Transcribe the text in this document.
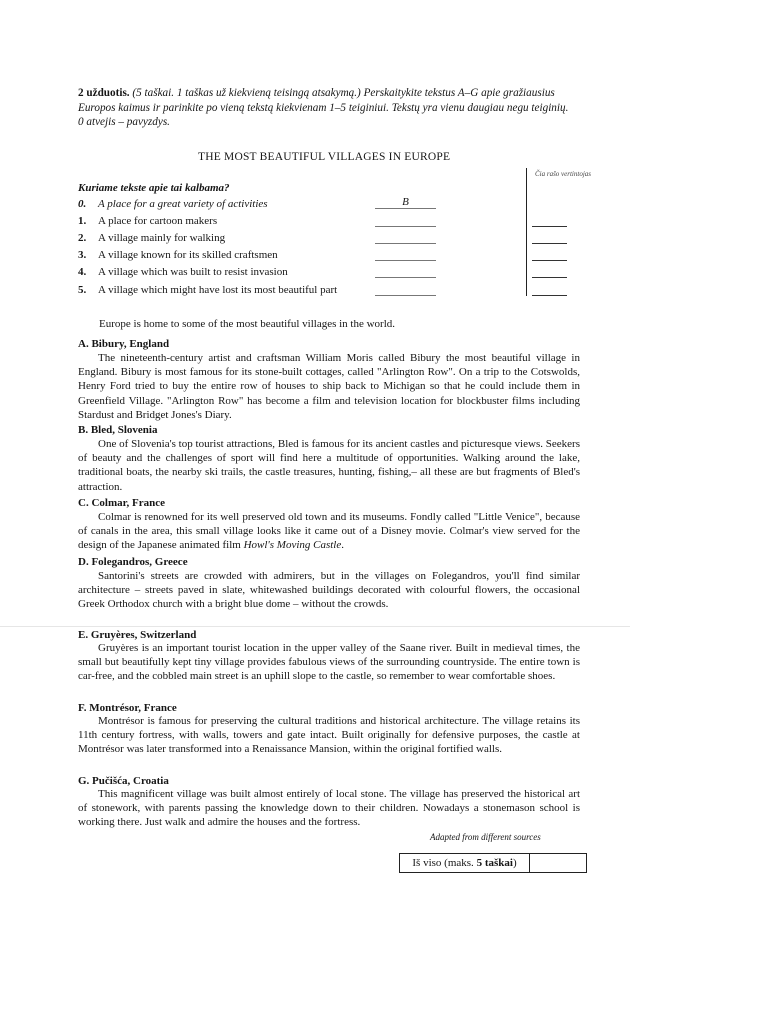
2 užduotis. (5 taškai. 1 taškas už kiekvieną teisingą atsakymą.) Perskaitykite tekstus A–G apie gražiausius Europos kaimus ir parinkite po vieną tekstą kiekvienam 1–5 teiginiui. Tekstų yra vienu daugiau negu teiginių.
0 atvejis – pavyzdys.
THE MOST BEAUTIFUL VILLAGES IN EUROPE
Čia rašo vertintojas
Kuriame tekste apie tai kalbama?
0. A place for a great variety of activities	B
1. A place for cartoon makers
2. A village mainly for walking
3. A village known for its skilled craftsmen
4. A village which was built to resist invasion
5. A village which might have lost its most beautiful part
Europe is home to some of the most beautiful villages in the world.
A. Bibury, England
The nineteenth-century artist and craftsman William Moris called Bibury the most beautiful village in England. Bibury is most famous for its stone-built cottages, called "Arlington Row". On a trip to the Cotswolds, Henry Ford tried to buy the entire row of houses to ship back to Michigan so that he could include them in Greenfield Village. "Arlington Row" has become a film and television location for blockbuster films including Stardust and Bridget Jones's Diary.
B. Bled, Slovenia
One of Slovenia's top tourist attractions, Bled is famous for its ancient castles and picturesque views. Seekers of beauty and the challenges of sport will find here a multitude of opportunities. Walking around the lake, traditional boats, the nearby ski trails, the castle treasures, hunting, fishing,– all these are but fragments of Bled's attraction.
C. Colmar, France
Colmar is renowned for its well preserved old town and its museums. Fondly called "Little Venice", because of canals in the area, this small village looks like it came out of a Disney movie. Colmar's view served for the design of the Japanese animated film Howl's Moving Castle.
D. Folegandros, Greece
Santorini's streets are crowded with admirers, but in the villages on Folegandros, you'll find similar architecture – streets paved in slate, whitewashed buildings decorated with colourful flowers, the occasional Greek Orthodox church with a bright blue dome – without the crowds.
E. Gruyères, Switzerland
Gruyères is an important tourist location in the upper valley of the Saane river. Built in medieval times, the small but beautifully kept tiny village provides fabulous views of the surrounding countryside. The entire town is car-free, and the cobbled main street is an uphill slope to the castle, so remember to wear comfortable shoes.
F. Montrésor, France
Montrésor is famous for preserving the cultural traditions and historical architecture. The village retains its 11th century fortress, with walls, towers and gate intact. Built originally for defensive purposes, the castle at Montrésor was later transformed into a Renaissance Mansion, within the original fortified walls.
G. Pučišća, Croatia
This magnificent village was built almost entirely of local stone. The village has preserved the historical art of stonework, with parents passing the knowledge down to their children. Nowadays a stonemason school is working there. Just walk and admire the houses and the fortress.
Adapted from different sources
Iš viso (maks. 5 taškai)
